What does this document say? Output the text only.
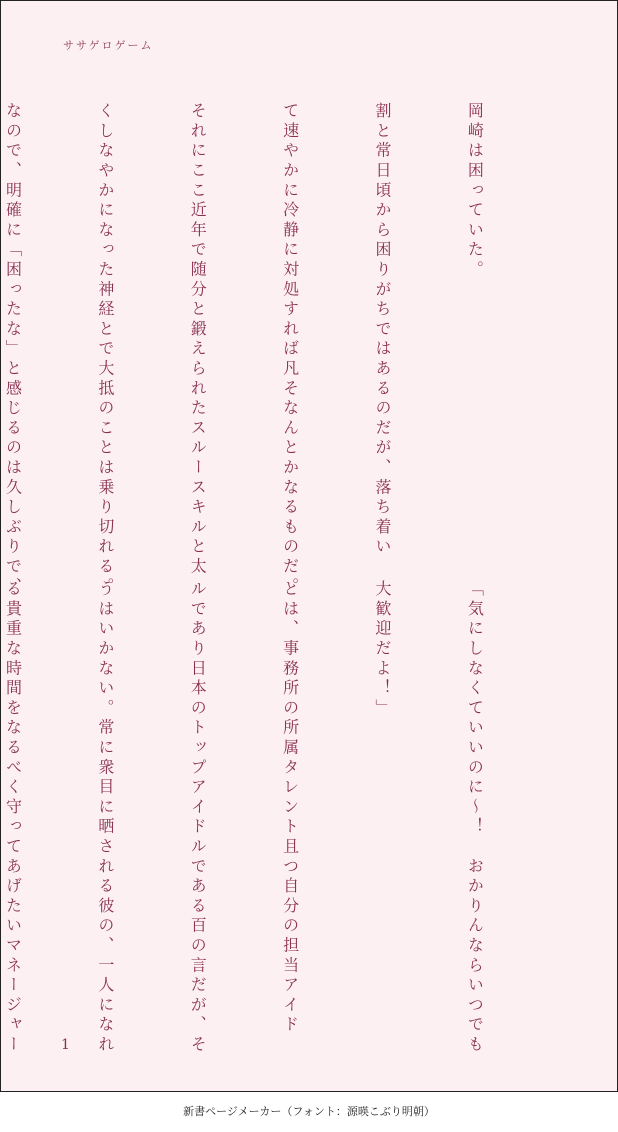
ササゲロゲーム

岡崎は困っていた。

割と常日頃から困りがちではあるのだが、落ち着い

て速やかに冷静に対処すれば凡そなんとかなるものだ。

それにここ近年で随分と鍛えられたスルースキルと太

くしなやかになった神経とで大抵のことは乗り切れる。

なので、明確に「困ったな」と感じるのは久しぶりで、

「気にしなくていいのに〜！　おかりんならいつでも

大歓迎だよ！」

とは、事務所の所属タレント且つ自分の担当アイド

ルであり日本のトップアイドルである百の言だが、そ

うはいかない。常に衆目に晒される彼の、一人になれ

る貴重な時間をなるべく守ってあげたいマネージャー

	1
新書ページメーカー（フォント：源暎こぶり明朝）
